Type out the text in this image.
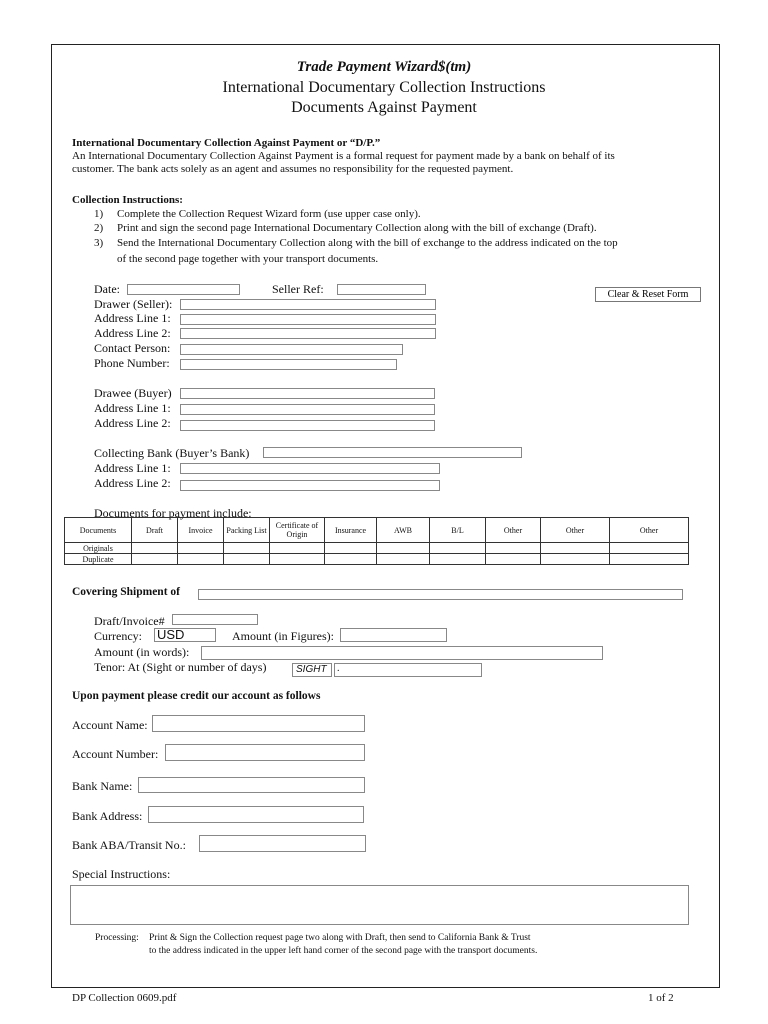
Trade Payment Wizard$(tm)
International Documentary Collection Instructions
Documents Against Payment
International Documentary Collection Against Payment or “D/P.”
An International Documentary Collection Against Payment is a formal request for payment made by a bank on behalf of its
customer. The bank acts solely as an agent and assumes no responsibility for the requested payment.
Collection Instructions:
1) Complete the Collection Request Wizard form (use upper case only).
2) Print and sign the second page International Documentary Collection along with the bill of exchange (Draft).
3) Send the International Documentary Collection along with the bill of exchange to the address indicated on the top
of the second page together with your transport documents.
Date:	Seller Ref:	Clear & Reset Form
Drawer (Seller):
Address Line 1:
Address Line 2:
Contact Person:
Phone Number:
Drawee (Buyer)
Address Line 1:
Address Line 2:
Collecting Bank (Buyer’s Bank)
Address Line 1:
Address Line 2:
Documents for payment include:
Documents	Draft	Invoice	Packing List	Certificate of Origin	Insurance	AWB	B/L	Other	Other	Other
Originals										
Duplicate										
Covering Shipment of
Draft/Invoice#
Currency: USD	Amount (in Figures):
Amount (in words):
Tenor: At (Sight or number of days)	SIGHT	.
Upon payment please credit our account as follows
Account Name:
Account Number:
Bank Name:
Bank Address:
Bank ABA/Transit No.:
Special Instructions:
Processing: Print & Sign the Collection request page two along with Draft, then send to California Bank & Trust
to the address indicated in the upper left hand corner of the second page with the transport documents.
DP Collection 0609.pdf	1 of 2
